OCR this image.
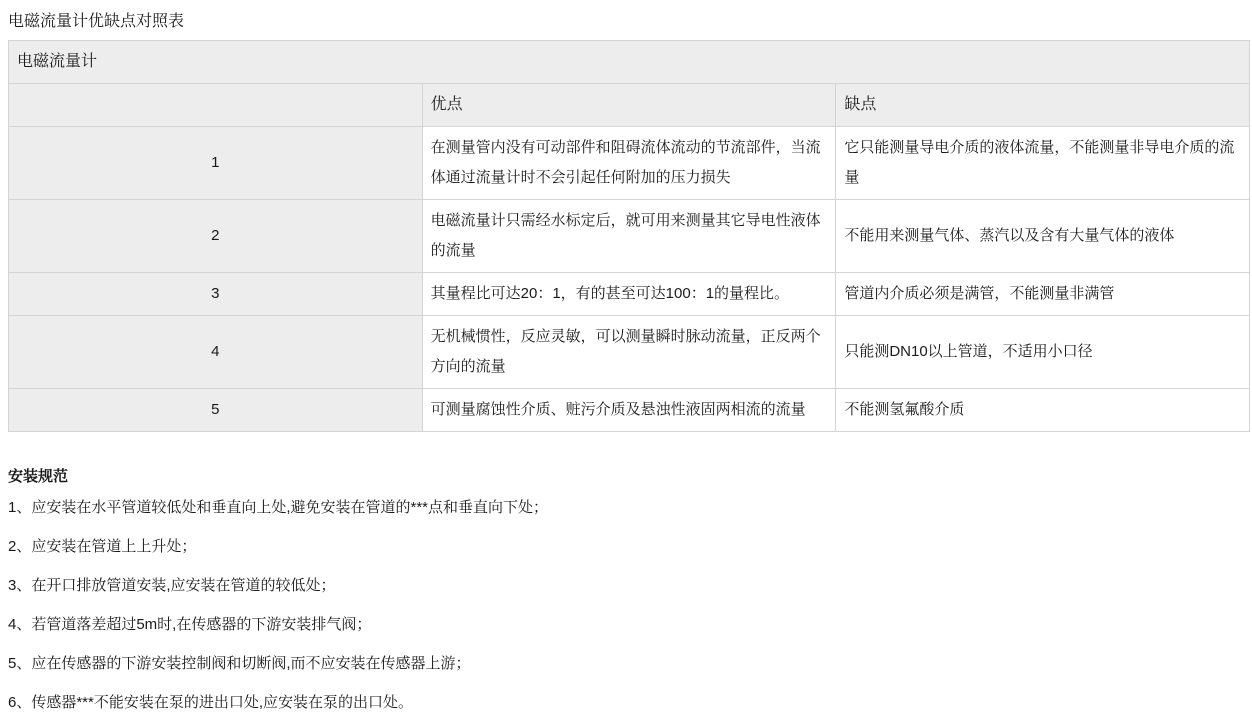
电磁流量计优缺点对照表
电磁流量计		
	优点	缺点
1	在测量管内没有可动部件和阻碍流体流动的节流部件，当流体通过流量计时不会引起任何附加的压力损失	它只能测量导电介质的液体流量，不能测量非导电介质的流量
2	电磁流量计只需经水标定后，就可用来测量其它导电性液体的流量	不能用来测量气体、蒸汽以及含有大量气体的液体
3	其量程比可达20：1，有的甚至可达100：1的量程比。	管道内介质必须是满管，不能测量非满管
4	无机械惯性，反应灵敏，可以测量瞬时脉动流量，正反两个方向的流量	只能测DN10以上管道，不适用小口径
5	可测量腐蚀性介质、赃污介质及悬浊性液固两相流的流量	不能测氢氟酸介质
安装规范
1、应安装在水平管道较低处和垂直向上处,避免安装在管道的***点和垂直向下处；
2、应安装在管道上上升处；
3、在开口排放管道安装,应安装在管道的较低处；
4、若管道落差超过5m时,在传感器的下游安装排气阀；
5、应在传感器的下游安装控制阀和切断阀,而不应安装在传感器上游；
6、传感器***不能安装在泵的进出口处,应安装在泵的出口处。
